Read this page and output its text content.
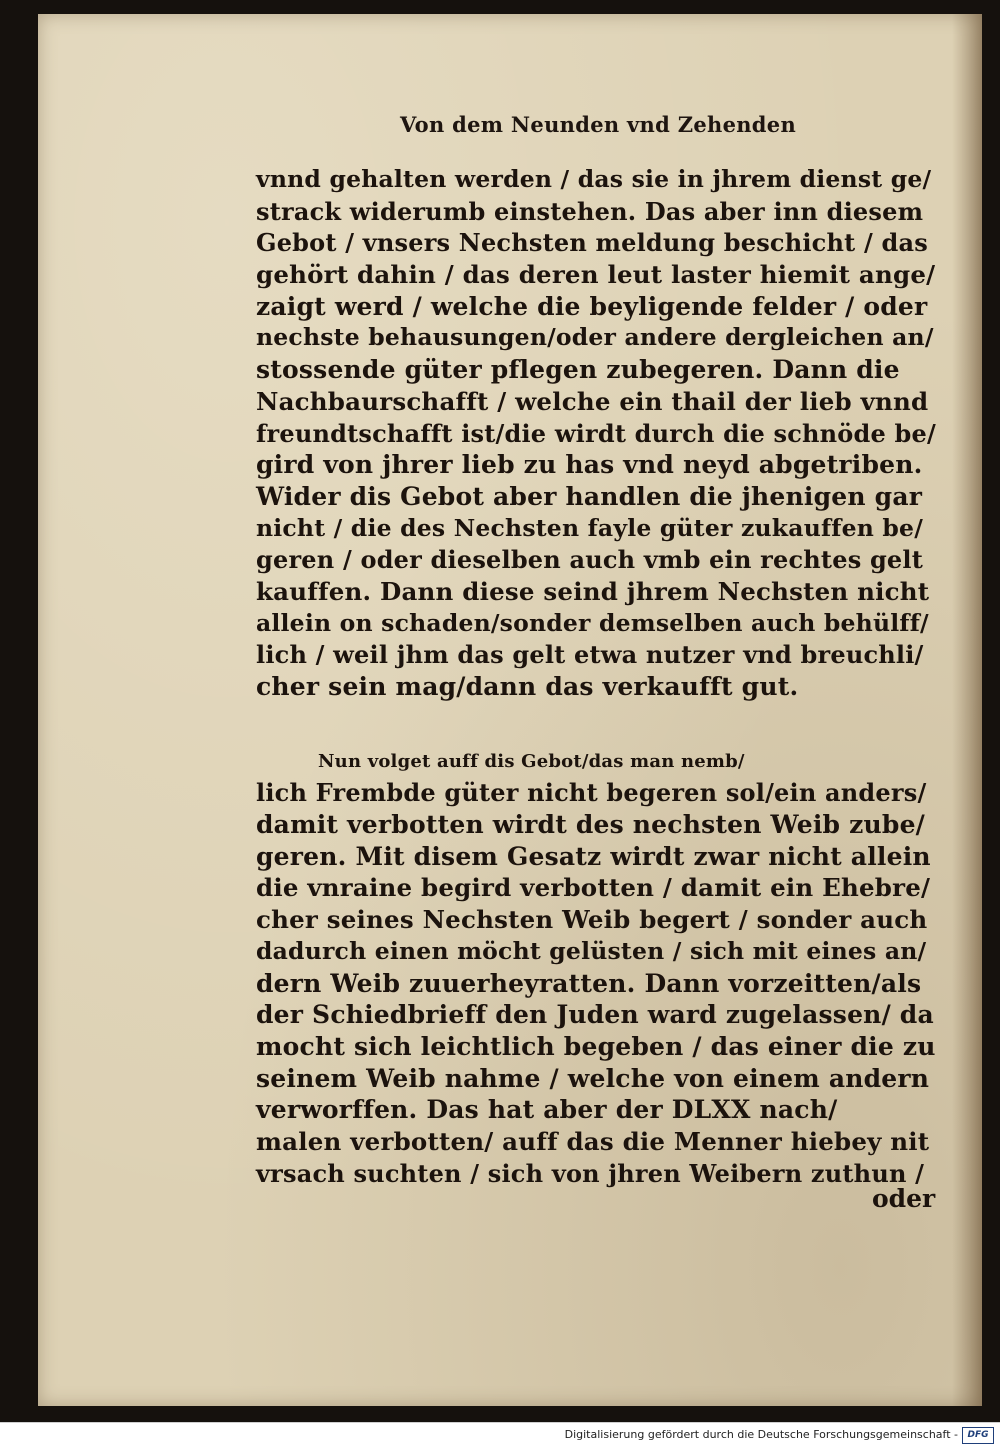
Von dem Neunden vnd Zehenden
vnnd gehalten werden / das sie in jhrem dienst ge/
strack widerumb einstehen. Das aber inn diesem
Gebot / vnsers Nechsten meldung beschicht / das
gehört dahin / das deren leut laster hiemit ange/
zaigt werd / welche die beyligende felder / oder
nechste behausungen/oder andere dergleichen an/
stossende güter pflegen zubegeren. Dann die
Nachbaurschafft / welche ein thail der lieb vnnd
freundtschafft ist/die wirdt durch die schnöde be/
gird von jhrer lieb zu has vnd neyd abgetriben.
Wider dis Gebot aber handlen die jhenigen gar
nicht / die des Nechsten fayle güter zukauffen be/
geren / oder dieselben auch vmb ein rechtes gelt
kauffen. Dann diese seind jhrem Nechsten nicht
allein on schaden/sonder demselben auch behülff/
lich / weil jhm das gelt etwa nutzer vnd breuchli/
cher sein mag/dann das verkaufft gut.
Nun volget auff dis Gebot/das man nemb/
lich Frembde güter nicht begeren sol/ein anders/
damit verbotten wirdt des nechsten Weib zube/
geren. Mit disem Gesatz wirdt zwar nicht allein
die vnraine begird verbotten / damit ein Ehebre/
cher seines Nechsten Weib begert / sonder auch
dadurch einen möcht gelüsten / sich mit eines an/
dern Weib zuuerheyratten. Dann vorzeitten/als
der Schiedbrieff den Juden ward zugelassen/ da
mocht sich leichtlich begeben / das einer die zu
seinem Weib nahme / welche von einem andern
verworffen. Das hat aber der DLXX nach/
malen verbotten/ auff das die Menner hiebey nit
vrsach suchten / sich von jhren Weibern zuthun /
oder
Digitalisierung gefördert durch die Deutsche Forschungsgemeinschaft -	DFG
